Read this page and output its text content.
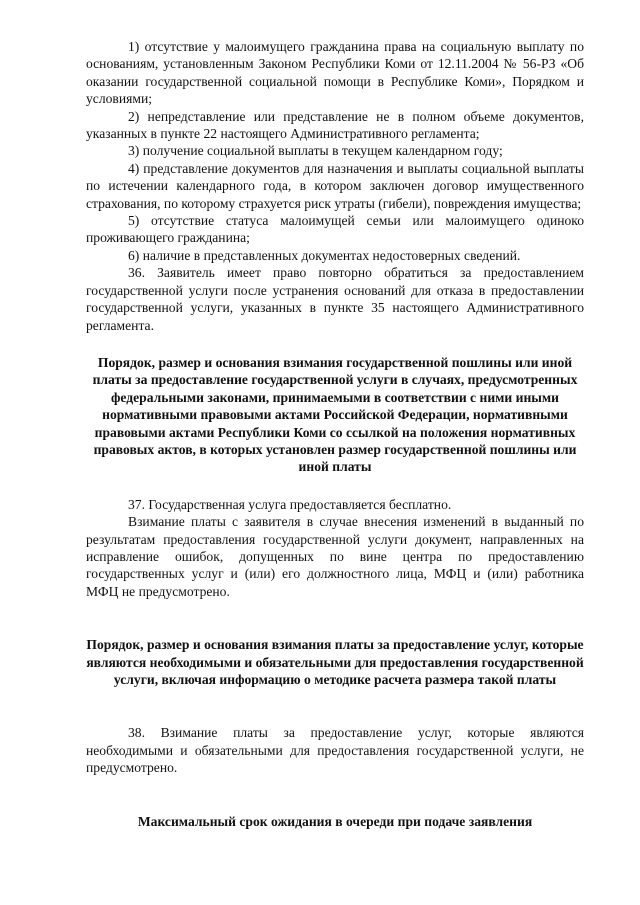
1) отсутствие у малоимущего гражданина права на социальную выплату по основаниям, установленным Законом Республики Коми от 12.11.2004 № 56-РЗ «Об оказании государственной социальной помощи в Республике Коми», Порядком и условиями;

2) непредставление или представление не в полном объеме документов, указанных в пункте 22 настоящего Административного регламента;

3) получение социальной выплаты в текущем календарном году;

4) представление документов для назначения и выплаты социальной выплаты по истечении календарного года, в котором заключен договор имущественного страхования, по которому страхуется риск утраты (гибели), повреждения имущества;

5) отсутствие статуса малоимущей семьи или малоимущего одиноко проживающего гражданина;

6) наличие в представленных документах недостоверных сведений.

36. Заявитель имеет право повторно обратиться за предоставлением государственной услуги после устранения оснований для отказа в предоставлении государственной услуги, указанных в пункте 35 настоящего Административного регламента.

Порядок, размер и основания взимания государственной пошлины или иной платы за предоставление государственной услуги в случаях, предусмотренных федеральными законами, принимаемыми в соответствии с ними иными нормативными правовыми актами Российской Федерации, нормативными правовыми актами Республики Коми со ссылкой на положения нормативных правовых актов, в которых установлен размер государственной пошлины или иной платы

37. Государственная услуга предоставляется бесплатно.

Взимание платы с заявителя в случае внесения изменений в выданный по результатам предоставления государственной услуги документ, направленных на исправление ошибок, допущенных по вине центра по предоставлению государственных услуг и (или) его должностного лица, МФЦ и (или) работника МФЦ не предусмотрено.

Порядок, размер и основания взимания платы за предоставление услуг, которые являются необходимыми и обязательными для предоставления государственной услуги, включая информацию о методике расчета размера такой платы

38. Взимание платы за предоставление услуг, которые являются необходимыми и обязательными для предоставления государственной услуги, не предусмотрено.

Максимальный срок ожидания в очереди при подаче заявления
